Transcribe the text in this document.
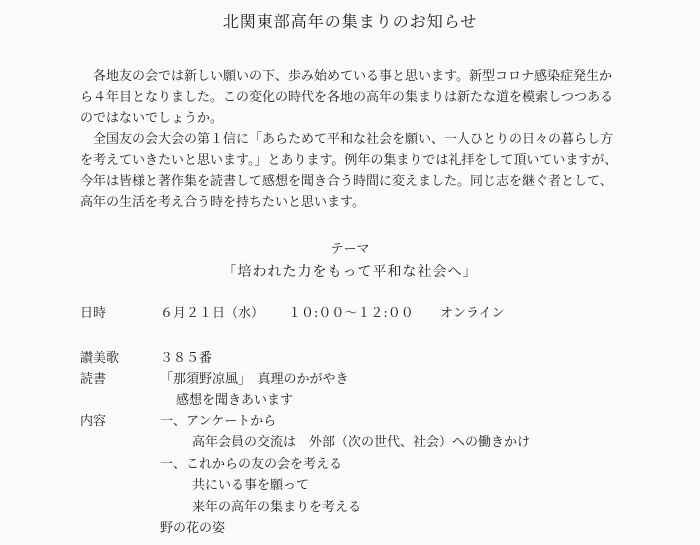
北関東部高年の集まりのお知らせ

各地友の会では新しい願いの下、歩み始めている事と思います。新型コロナ感染症発生から４年目となりました。この変化の時代を各地の高年の集まりは新たな道を模索しつつあるのではないでしょうか。

全国友の会大会の第１信に「あらためて平和な社会を願い、一人ひとりの日々の暮らし方を考えていきたいと思います。」とあります。例年の集まりでは礼拝をして頂いていますが、今年は皆様と著作集を読書して感想を聞き合う時間に変えました。同じ志を継ぐ者として、高年の生活を考え合う時を持ちたいと思います。

テーマ
「培われた力をもって平和な社会へ」
日時	６月２１日（水） １０:００～１２:００ オンライン
讃美歌	３８５番
読書	「那須野凉風」　真理のかがやき
感想を聞きあいます
内容	一、アンケートから
高年会員の交流は　外部（次の世代、社会）への働きかけ
一、これからの友の会を考える
共にいる事を願って
来年の高年の集まりを考える
野の花の姿
